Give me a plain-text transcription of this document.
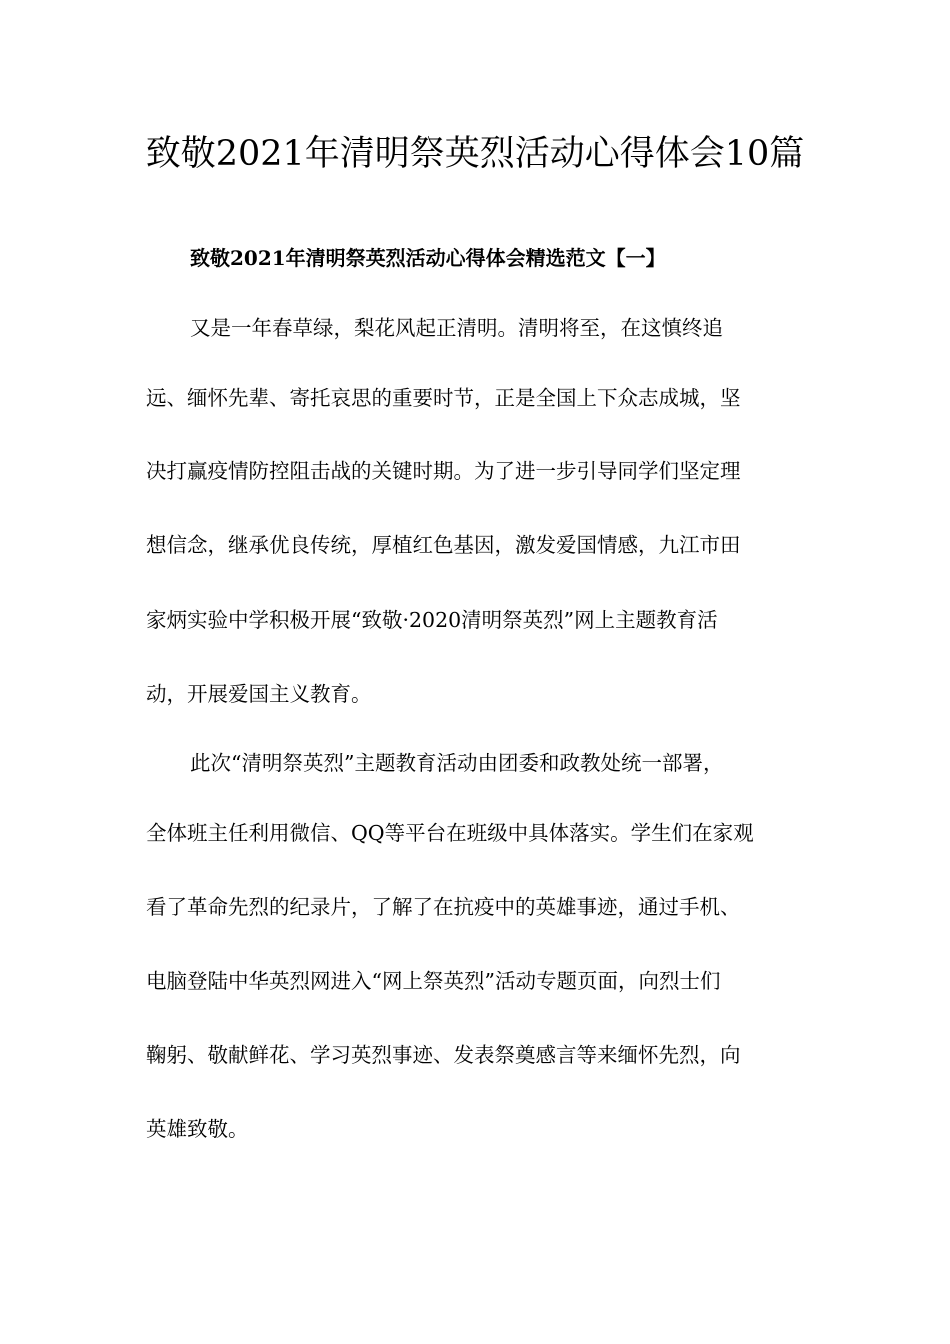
致敬2021年清明祭英烈活动心得体会10篇
致敬2021年清明祭英烈活动心得体会精选范文【一】

又是一年春草绿，梨花风起正清明。清明将至，在这慎终追

远、缅怀先辈、寄托哀思的重要时节，正是全国上下众志成城，坚

决打赢疫情防控阻击战的关键时期。为了进一步引导同学们坚定理

想信念，继承优良传统，厚植红色基因，激发爱国情感，九江市田

家炳实验中学积极开展“致敬·2020清明祭英烈”网上主题教育活

动，开展爱国主义教育。

此次“清明祭英烈”主题教育活动由团委和政教处统一部署，

全体班主任利用微信、QQ等平台在班级中具体落实。学生们在家观

看了革命先烈的纪录片，了解了在抗疫中的英雄事迹，通过手机、

电脑登陆中华英烈网进入“网上祭英烈”活动专题页面，向烈士们

鞠躬、敬献鲜花、学习英烈事迹、发表祭奠感言等来缅怀先烈，向

英雄致敬。
